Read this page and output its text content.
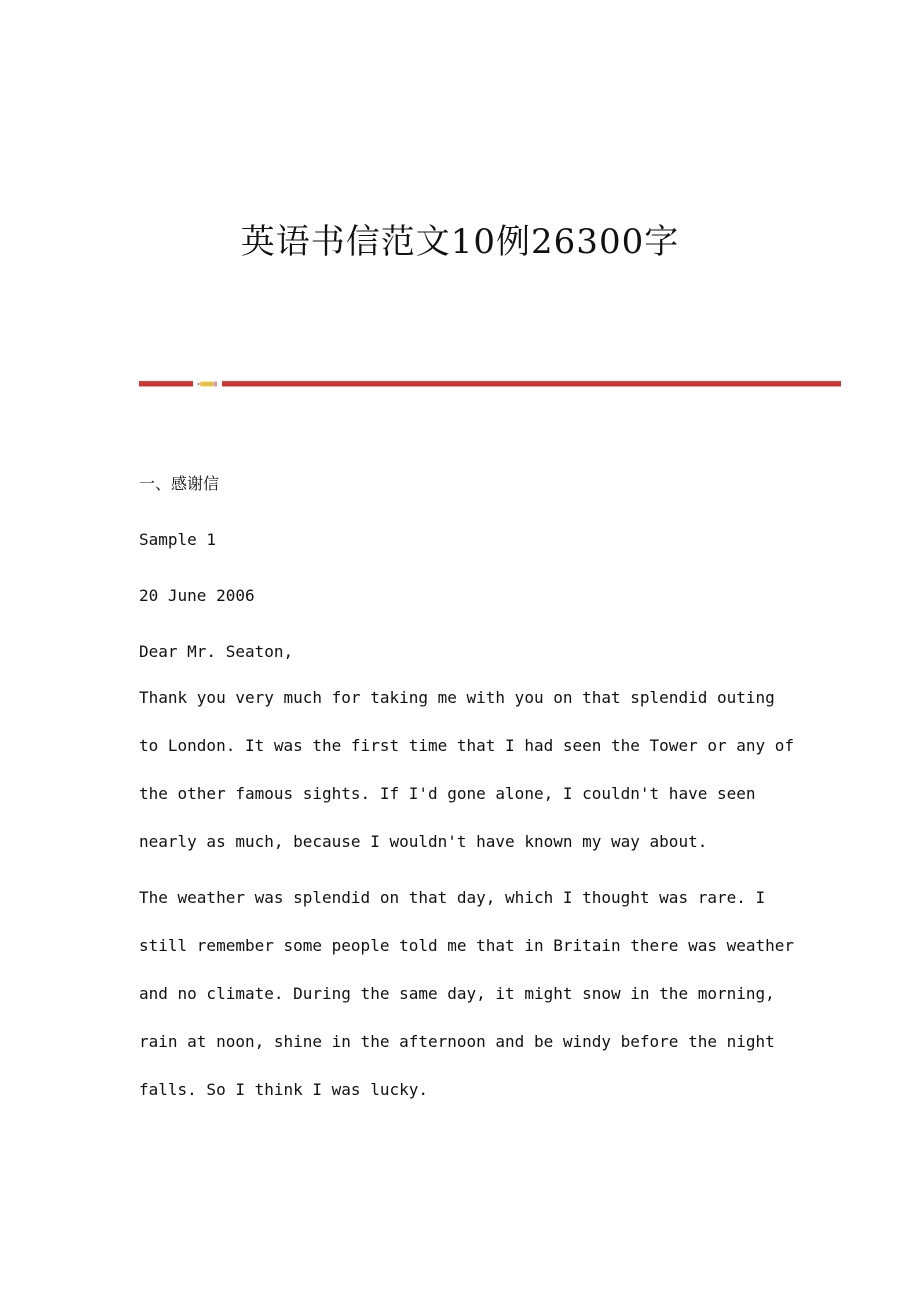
英语书信范文10例26300字

一、感谢信

Sample 1

20 June 2006

Dear Mr. Seaton,

Thank you very much for taking me with you on that splendid outing to London. It was the first time that I had seen the Tower or any of the other famous sights. If I'd gone alone, I couldn't have seen nearly as much, because I wouldn't have known my way about.

The weather was splendid on that day, which I thought was rare. I still remember some people told me that in Britain there was weather and no climate. During the same day, it might snow in the morning, rain at noon, shine in the afternoon and be windy before the night falls. So I think I was lucky.
